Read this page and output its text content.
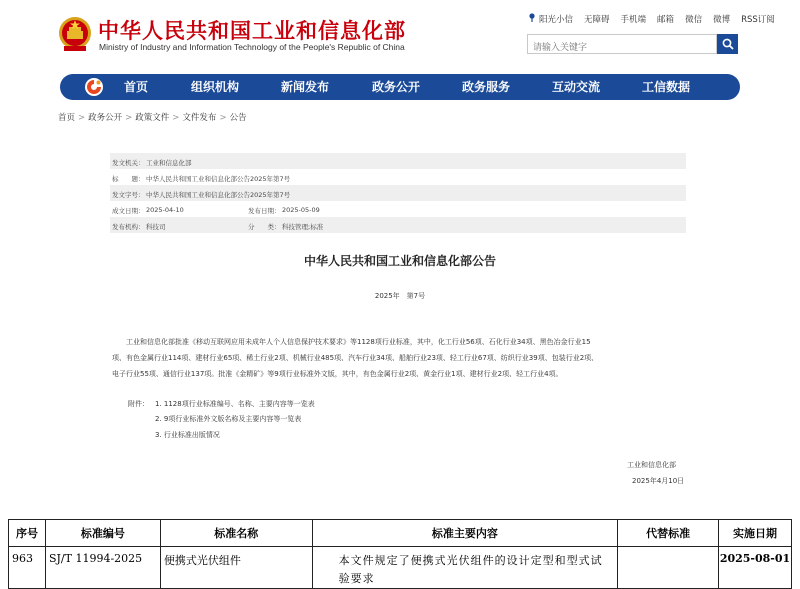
中华人民共和国工业和信息化部
Ministry of Industry and Information Technology of the People's Republic of China
阳光小信 无障碍 手机端 邮箱 微信 微博 RSS订阅
请输入关键字
首页	组织机构	新闻发布	政务公开	政务服务	互动交流	工信数据
首页 > 政务公开 > 政策文件 > 文件发布 > 公告
发文机关： 工业和信息化部
标　　题： 中华人民共和国工业和信息化部公告2025年第7号
发文字号： 中华人民共和国工业和信息化部公告2025年第7号
成文日期： 2025-04-10	发布日期： 2025-05-09
发布机构： 科技司	分　　类： 科技管理;标准
中华人民共和国工业和信息化部公告
2025年　第7号
　　工业和信息化部批准《移动互联网应用未成年人个人信息保护技术要求》等1128项行业标准，其中，化工行业56项、石化行业34项、黑色冶金行业15
项、有色金属行业114项、建材行业65项、稀土行业2项、机械行业485项、汽车行业34项、船舶行业23项、轻工行业67项、纺织行业39项、包装行业2项、
电子行业55项、通信行业137项。批准《金精矿》等9项行业标准外文版，其中，有色金属行业2项、黄金行业1项、建材行业2项、轻工行业4项。
附件： 1. 1128项行业标准编号、名称、主要内容等一览表
2. 9项行业标准外文版名称及主要内容等一览表
3. 行业标准出版情况
工业和信息化部
2025年4月10日
序号	标准编号	标准名称	标准主要内容	代替标准	实施日期
963	SJ/T 11994-2025	便携式光伏组件	本文件规定了便携式光伏组件的设计定型和型式试验要求		2025-08-01
